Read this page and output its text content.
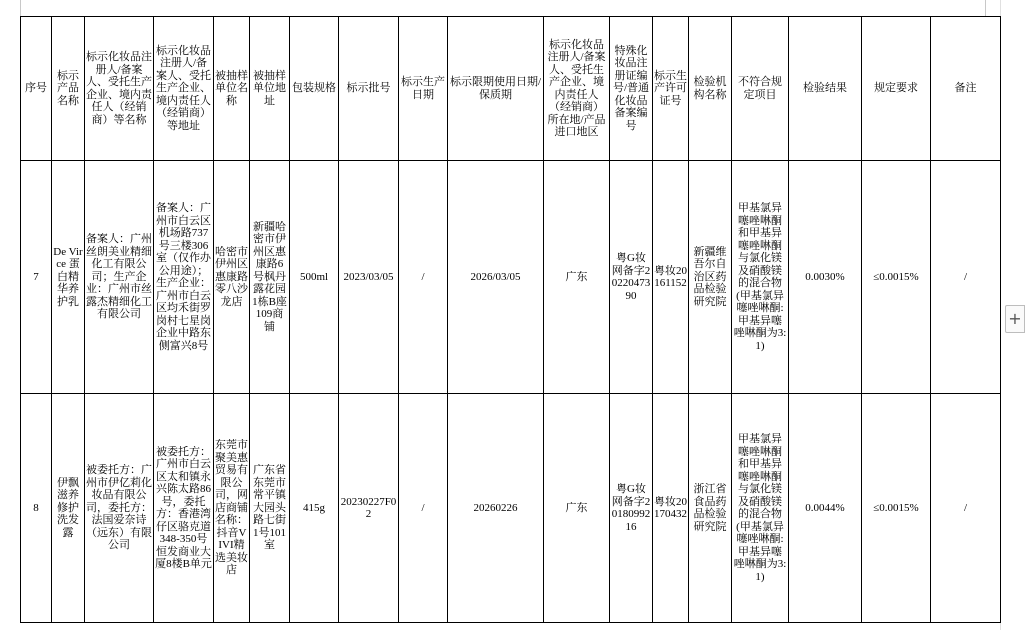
序号	标示产品名称	标示化妆品注册人/备案人、受托生产企业、境内责任人（经销商）等名称	标示化妆品注册人/备案人、受托生产企业、境内责任人（经销商）等地址	被抽样单位名称	被抽样单位地址	包装规格	标示批号	标示生产日期	标示限期使用日期/保质期	标示化妆品注册人/备案人、受托生产企业、境内责任人（经销商）所在地/产品进口地区	特殊化妆品注册证编号/普通化妆品备案编号	标示生产许可证号	检验机构名称	不符合规定项目	检验结果	规定要求	备注

7	De Virce 蛋白精华养护乳	备案人：广州丝朗美业精细化工有限公司；生产企业：广州市丝露杰精细化工有限公司	备案人：广州市白云区机场路737号三楼306室（仅作办公用途）；生产企业：广州市白云区均禾街罗岗村七星岗企业中路东侧富兴8号	哈密市伊州区惠康路零八沙龙店	新疆哈密市伊州区惠康路6号枫丹露花园1栋B座109商铺	500ml	2023/03/05	/	2026/03/05	广东	粤G妆网备字2022047390	粤妆20161152	新疆维吾尔自治区药品检验研究院	甲基氯异噻唑啉酮和甲基异噻唑啉酮与氯化镁及硝酸镁的混合物(甲基氯异噻唑啉酮:甲基异噻唑啉酮为3:1)	0.0030%	≤0.0015%	/

8	伊飘滋养修护洗发露	被委托方：广州市伊亿莉化妆品有限公司，委托方：法国爱奈诗（远东）有限公司	被委托方：广州市白云区太和镇永兴陈太路86号，委托方：香港湾仔区骆克道348-350号恒发商业大厦8楼B单元	东莞市聚美惠贸易有限公司，网店商铺名称：抖音VIVI精选美妆店	广东省东莞市常平镇大园头路七街1号101室	415g	20230227F02	/	20260226	广东	粤G妆网备字2018099216	粤妆20170432	浙江省食品药品检验研究院	甲基氯异噻唑啉酮和甲基异噻唑啉酮与氯化镁及硝酸镁的混合物(甲基氯异噻唑啉酮:甲基异噻唑啉酮为3:1)	0.0044%	≤0.0015%	/
+
